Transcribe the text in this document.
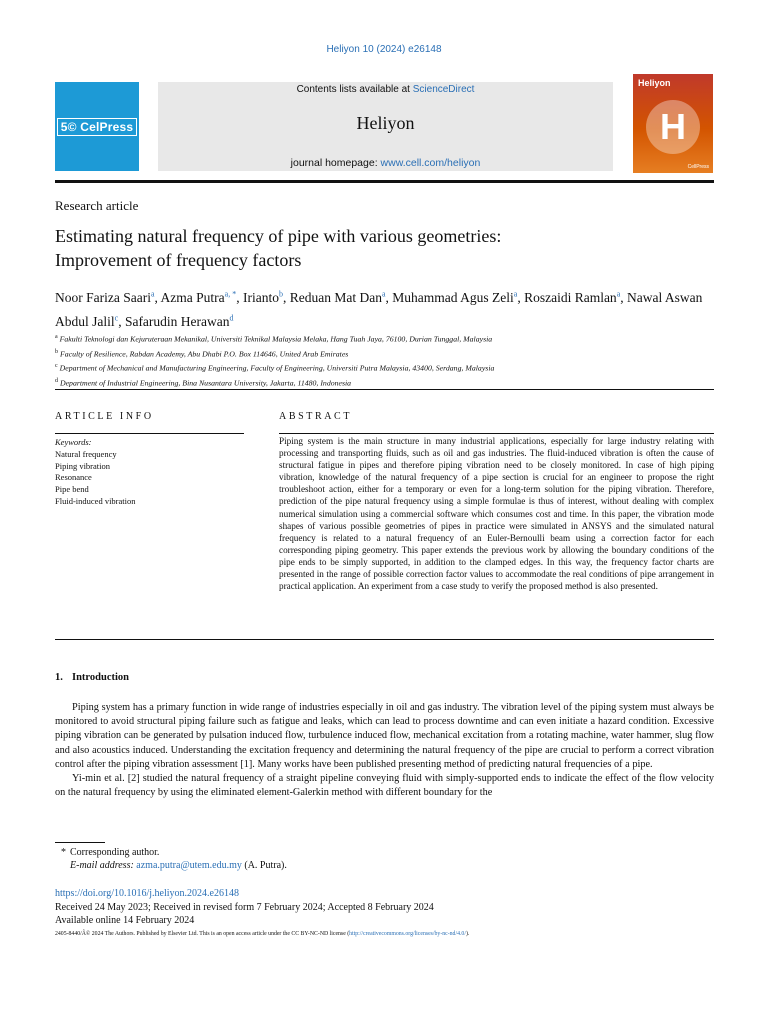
Heliyon 10 (2024) e26148
5© CelPress
Contents lists available at ScienceDirect
Heliyon
journal homepage: www.cell.com/heliyon
Heliyon
H
CellPress
Research article
Estimating natural frequency of pipe with various geometries:
Improvement of frequency factors
Noor Fariza Saari$^a$, Azma Putra$^{a, *}$, Irianto$^b$, Reduan Mat Dan$^a$, Muhammad Agus Zeli$^a$, Roszaidi Ramlan$^a$, Nawal Aswan Abdul Jalil$^c$, Safarudin Herawan$^d$
$^a$ Fakulti Teknologi dan Kejuruteraan Mekanikal, Universiti Teknikal Malaysia Melaka, Hang Tuah Jaya, 76100, Durian Tunggal, Malaysia
$^b$ Faculty of Resilience, Rabdan Academy, Abu Dhabi P.O. Box 114646, United Arab Emirates
$^c$ Department of Mechanical and Manufacturing Engineering, Faculty of Engineering, Universiti Putra Malaysia, 43400, Serdang, Malaysia
$^d$ Department of Industrial Engineering, Bina Nusantara University, Jakarta, 11480, Indonesia
ARTICLE INFO
Keywords:
Natural frequency
Piping vibration
Resonance
Pipe bend
Fluid-induced vibration
ABSTRACT
Piping system is the main structure in many industrial applications, especially for large industry relating with processing and transporting fluids, such as oil and gas industries. The fluid-induced vibration is often the cause of structural fatigue in pipes and therefore piping vibration need to be closely monitored. In case of high piping vibration, knowledge of the natural frequency of a pipe section is crucial for an engineer to propose the right troubleshoot action, either for a temporary or even for a long-term solution for the piping vibration. Therefore, prediction of the pipe natural frequency using a simple formulae is thus of interest, without dealing with complex numerical simulation using a commercial software which consumes cost and time. In this paper, the vibration mode shapes of various possible geometries of pipes in practice were simulated in ANSYS and the simulated natural frequency is related to a natural frequency of an Euler-Bernoulli beam using a correction factor for each corresponding piping geometry. This paper extends the previous work by allowing the boundary conditions of the pipe ends to be simply supported, in addition to the clamped edges. In this way, the frequency factor charts are presented in the range of possible correction factor values to accommodate the real conditions of pipe arrangement in practical application. An experiment from a case study to verify the proposed method is also presented.
1. Introduction

Piping system has a primary function in wide range of industries especially in oil and gas industry. The vibration level of the piping system must always be monitored to avoid structural piping failure such as fatigue and leaks, which can lead to process downtime and can even initiate a hazard condition. Excessive piping vibration can be generated by pulsation induced flow, turbulence induced flow, mechanical excitation from a rotating machine, water hammer, slug flow and also acoustics induced. Understanding the excitation frequency and determining the natural frequency of the pipe are crucial to perform a correct vibration control after the piping vibration assessment [1]. Many works have been published presenting method of predicting natural frequencies of a pipe.

Yi-min et al. [2] studied the natural frequency of a straight pipeline conveying fluid with simply-supported ends to indicate the effect of the flow velocity on the natural frequency by using the eliminated element-Galerkin method with different boundary for the

* Corresponding author.
E-mail address: azma.putra@utem.edu.my (A. Putra).
https://doi.org/10.1016/j.heliyon.2024.e26148
Received 24 May 2023; Received in revised form 7 February 2024; Accepted 8 February 2024
Available online 14 February 2024
2405-8440/Â© 2024 The Authors. Published by Elsevier Ltd. This is an open access article under the CC BY-NC-ND license (http://creativecommons.org/licenses/by-nc-nd/4.0/).
